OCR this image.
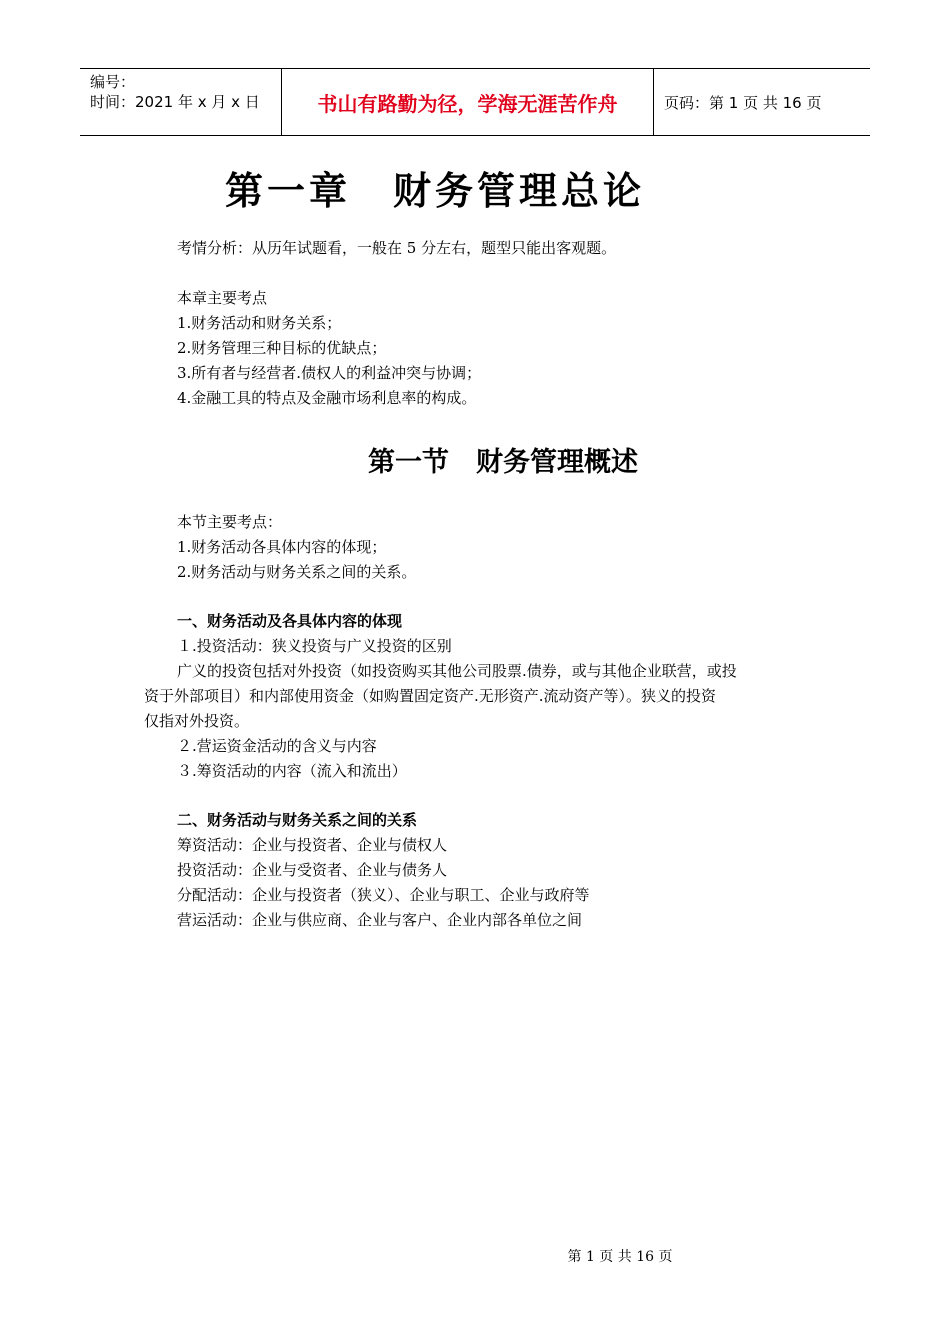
编号：
时间：2021 年 x 月 x 日	书山有路勤为径，学海无涯苦作舟	页码：第 1 页 共 16 页
第一章　财务管理总论
考情分析：从历年试题看，一般在 5 分左右，题型只能出客观题。
本章主要考点
1.财务活动和财务关系；
2.财务管理三种目标的优缺点；
3.所有者与经营者.债权人的利益冲突与协调；
4.金融工具的特点及金融市场利息率的构成。
第一节　财务管理概述
本节主要考点：
1.财务活动各具体内容的体现；
2.财务活动与财务关系之间的关系。
一、财务活动及各具体内容的体现
１.投资活动：狭义投资与广义投资的区别
广义的投资包括对外投资（如投资购买其他公司股票.债券，或与其他企业联营，或投
资于外部项目）和内部使用资金（如购置固定资产.无形资产.流动资产等）。狭义的投资
仅指对外投资。
２.营运资金活动的含义与内容
３.筹资活动的内容（流入和流出）
二、财务活动与财务关系之间的关系
筹资活动：企业与投资者、企业与债权人
投资活动：企业与受资者、企业与债务人
分配活动：企业与投资者（狭义）、企业与职工、企业与政府等
营运活动：企业与供应商、企业与客户、企业内部各单位之间
第 1 页 共 16 页
